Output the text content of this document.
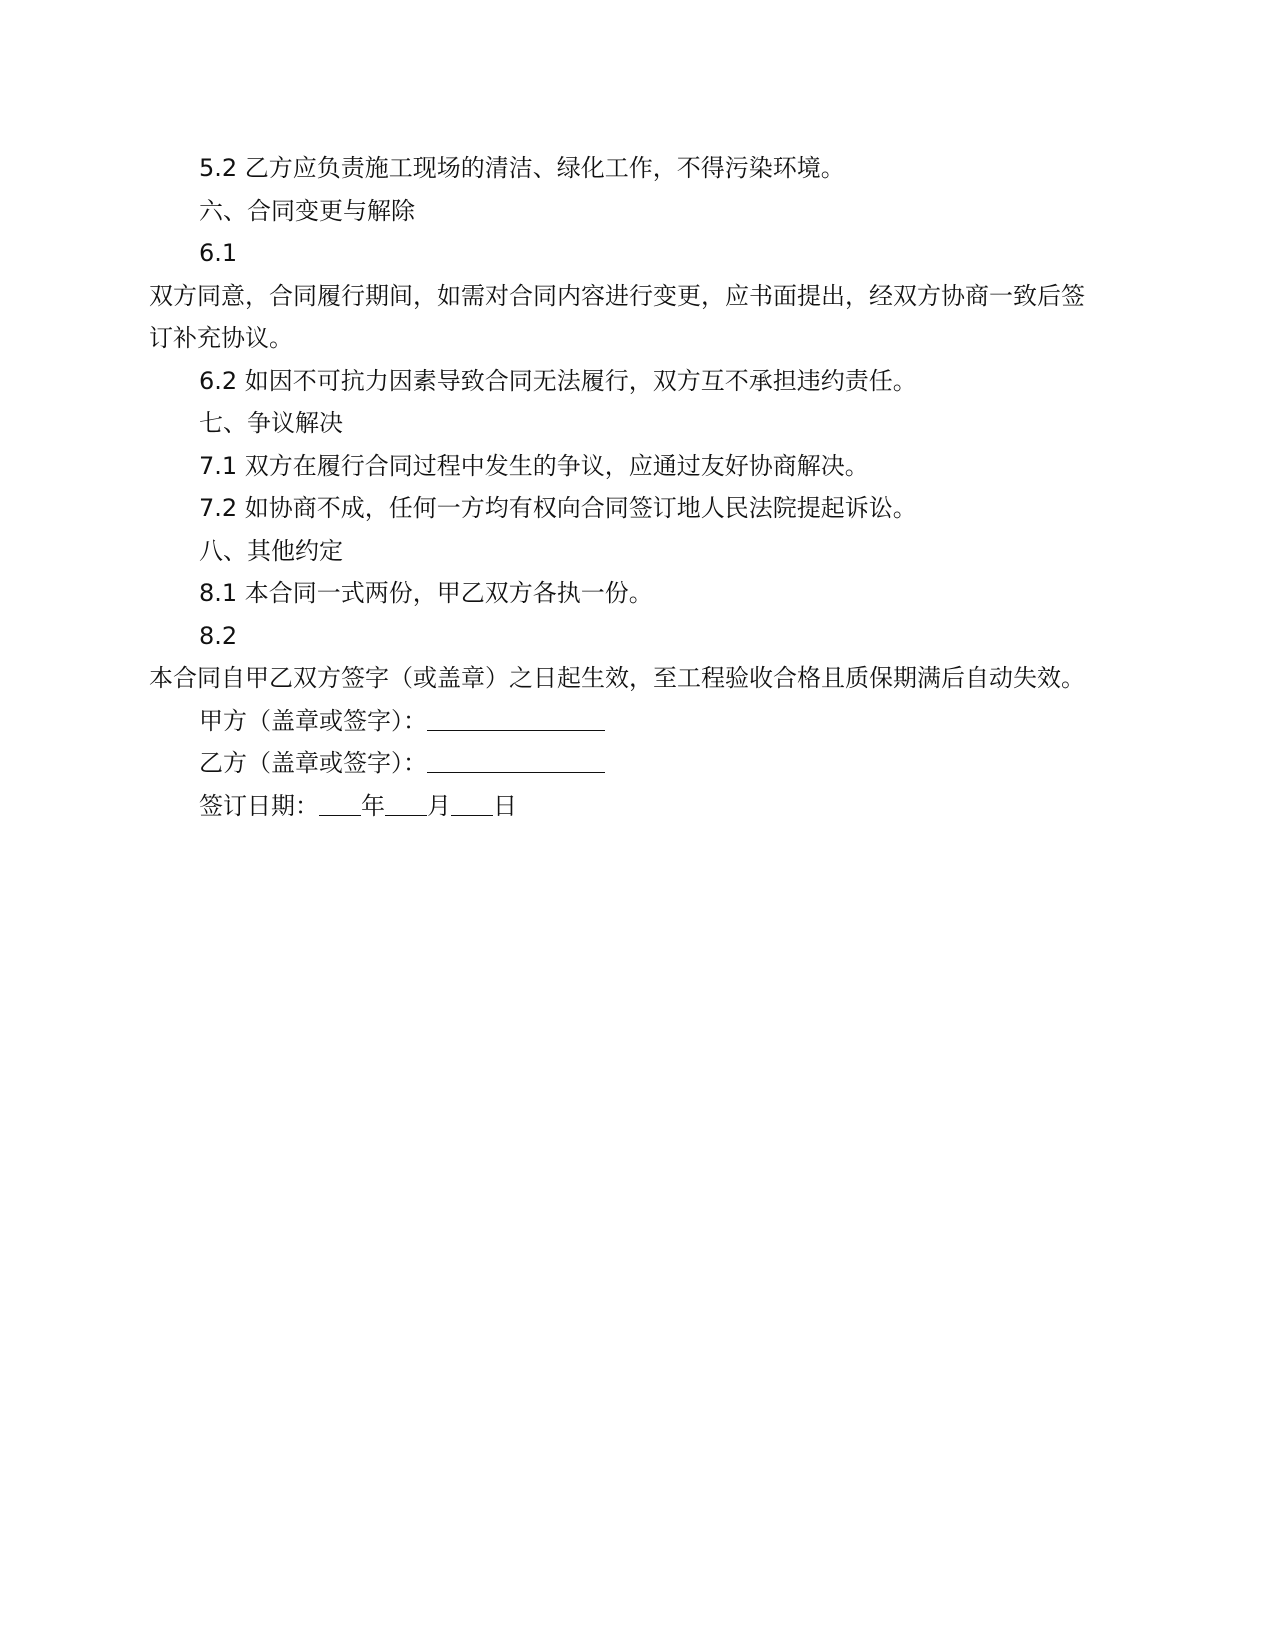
5.2 乙方应负责施工现场的清洁、绿化工作，不得污染环境。
六、合同变更与解除
6.1
双方同意，合同履行期间，如需对合同内容进行变更，应书面提出，经双方协商一致后签
订补充协议。
6.2 如因不可抗力因素导致合同无法履行，双方互不承担违约责任。
七、争议解决
7.1 双方在履行合同过程中发生的争议，应通过友好协商解决。
7.2 如协商不成，任何一方均有权向合同签订地人民法院提起诉讼。
八、其他约定
8.1 本合同一式两份，甲乙双方各执一份。
8.2
本合同自甲乙双方签字（或盖章）之日起生效，至工程验收合格且质保期满后自动失效。
甲方（盖章或签字）：
乙方（盖章或签字）：
签订日期： 年 月 日
